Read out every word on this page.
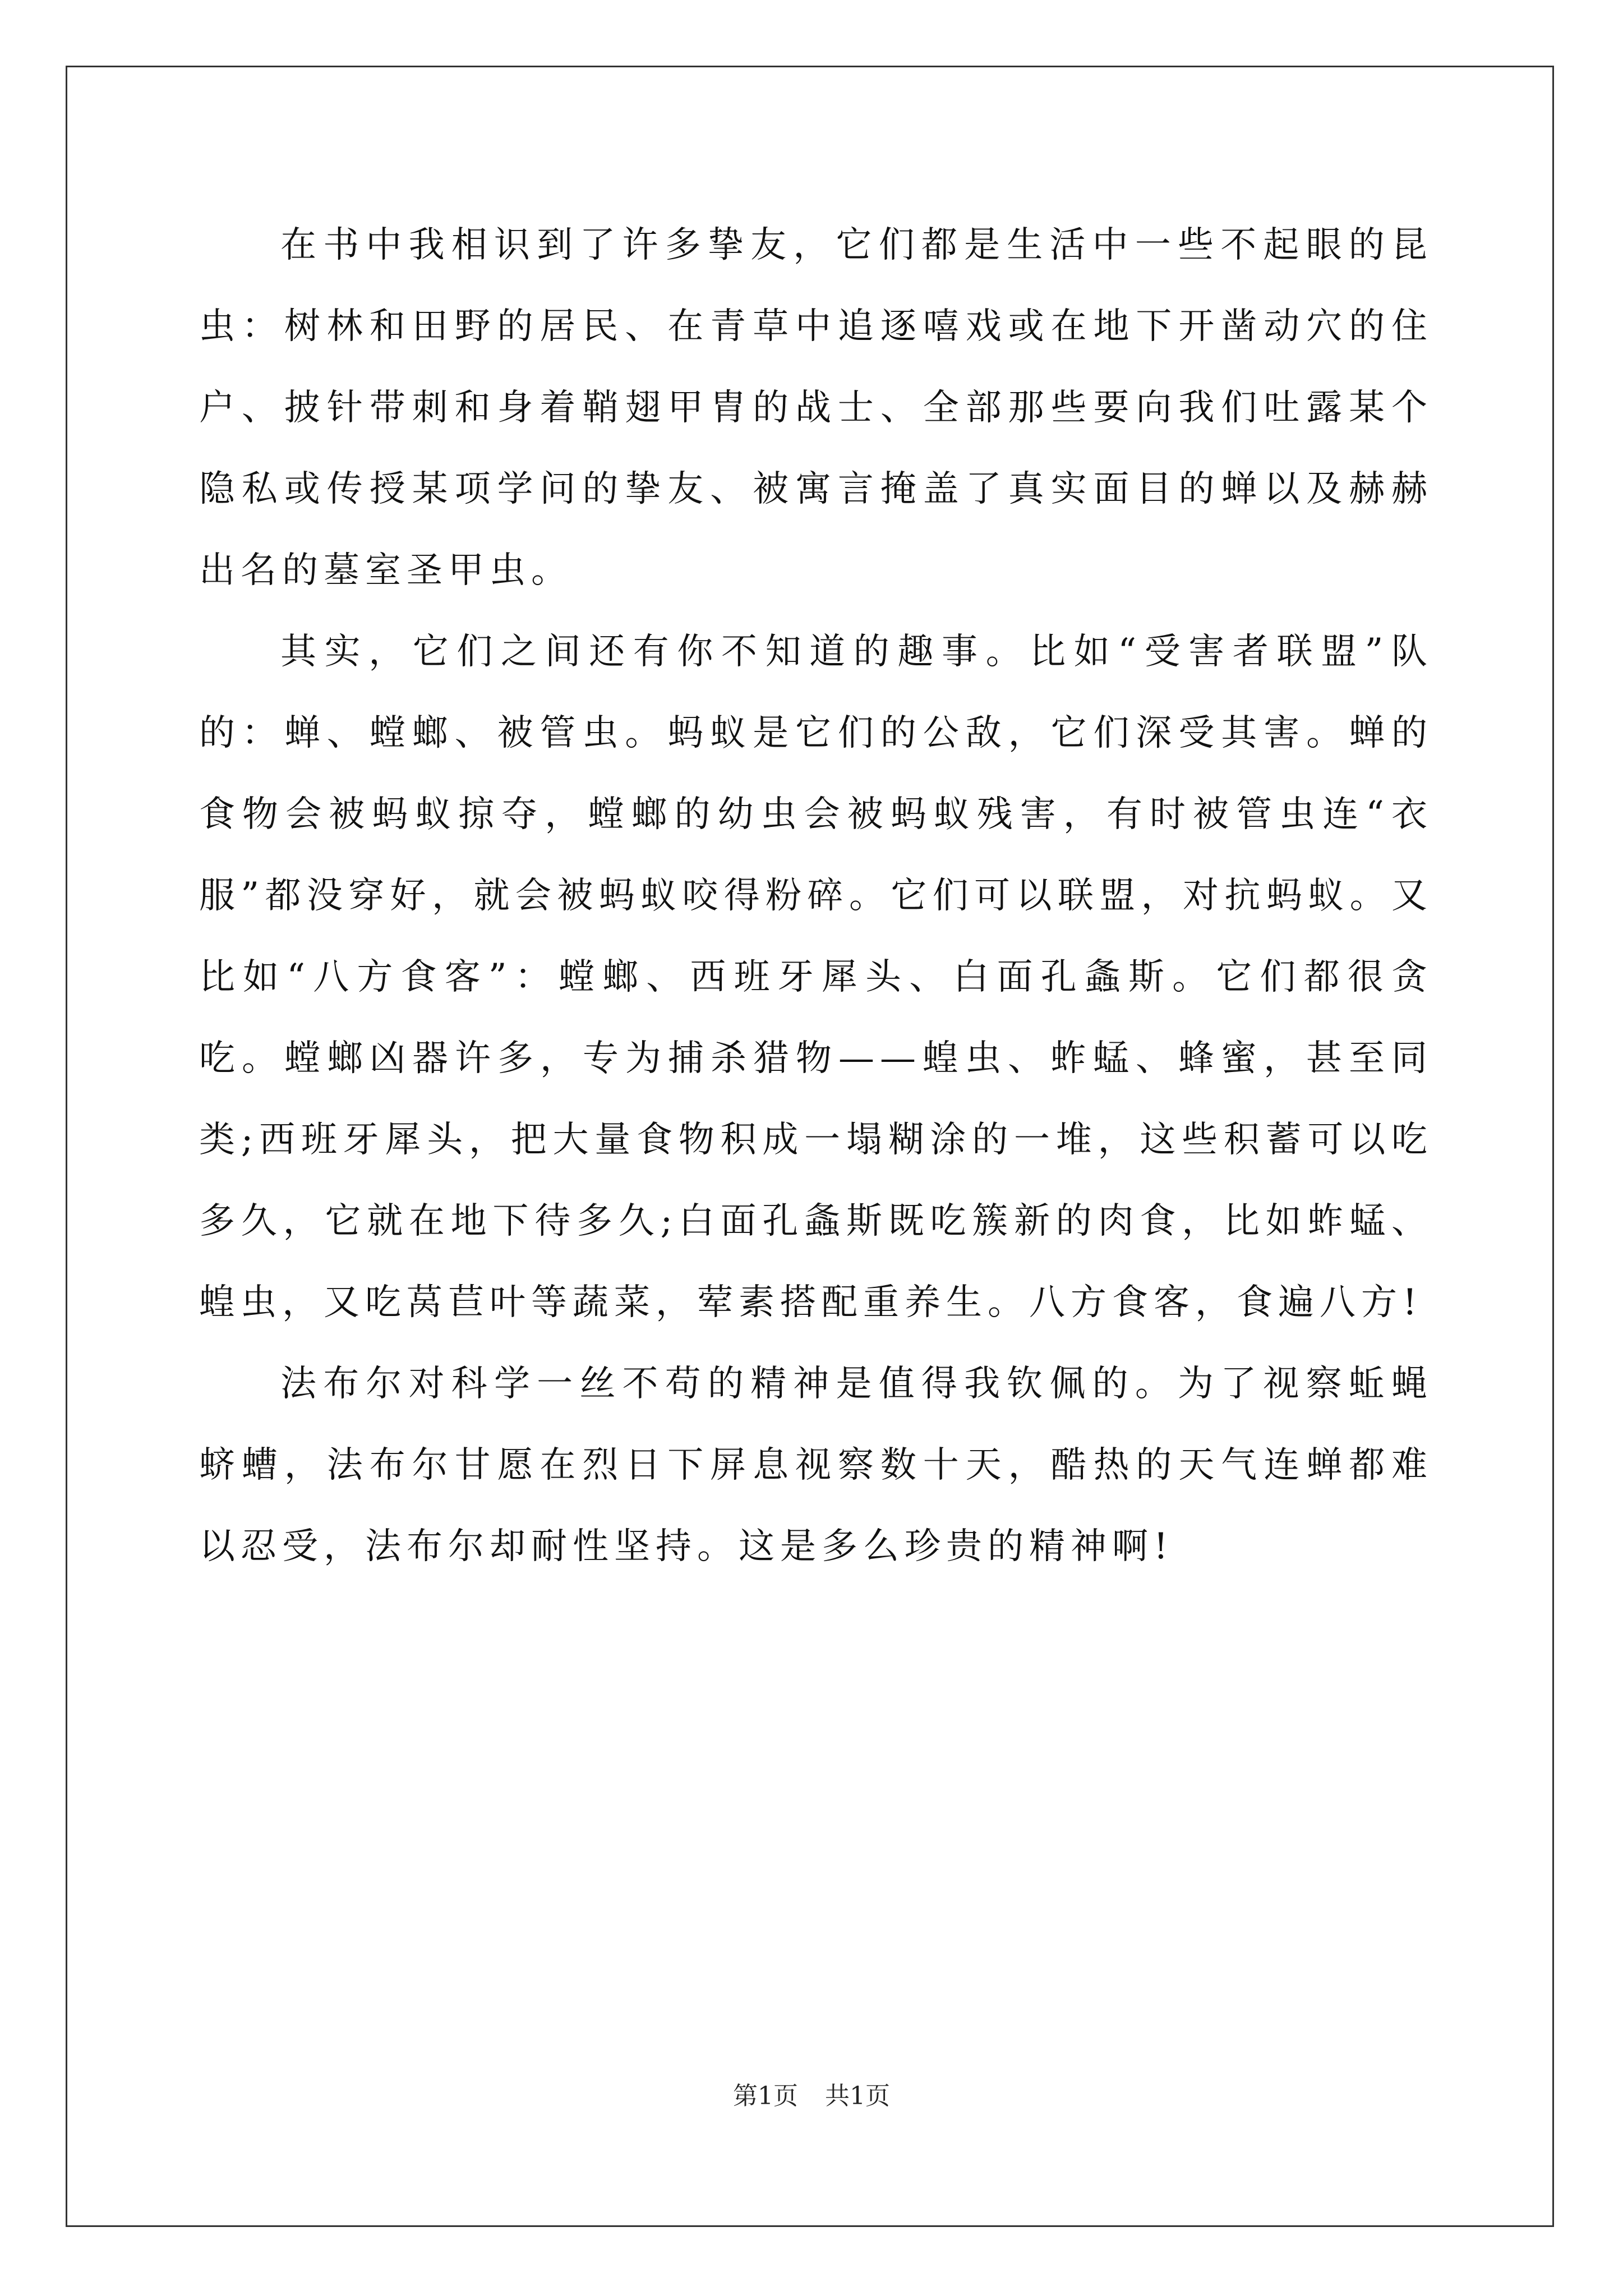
在书中我相识到了许多挚友，它们都是生活中一些不起眼的昆虫：树林和田野的居民、在青草中追逐嘻戏或在地下开凿动穴的住户、披针带刺和身着鞘翅甲胄的战士、全部那些要向我们吐露某个隐私或传授某项学问的挚友、被寓言掩盖了真实面目的蝉以及赫赫出名的墓室圣甲虫。

其实，它们之间还有你不知道的趣事。比如“受害者联盟”队的：蝉、螳螂、被管虫。蚂蚁是它们的公敌，它们深受其害。蝉的食物会被蚂蚁掠夺，螳螂的幼虫会被蚂蚁残害，有时被管虫连“衣服”都没穿好，就会被蚂蚁咬得粉碎。它们可以联盟，对抗蚂蚁。又比如“八方食客”：螳螂、西班牙犀头、白面孔螽斯。它们都很贪吃。螳螂凶器许多，专为捕杀猎物——蝗虫、蚱蜢、蜂蜜，甚至同类;西班牙犀头，把大量食物积成一塌糊涂的一堆，这些积蓄可以吃多久，它就在地下待多久;白面孔螽斯既吃簇新的肉食，比如蚱蜢、蝗虫，又吃莴苣叶等蔬菜，荤素搭配重养生。八方食客，食遍八方!

法布尔对科学一丝不苟的精神是值得我钦佩的。为了视察蚯蝇蛴螬，法布尔甘愿在烈日下屏息视察数十天，酷热的天气连蝉都难以忍受，法布尔却耐性坚持。这是多么珍贵的精神啊!

第1页 共1页
